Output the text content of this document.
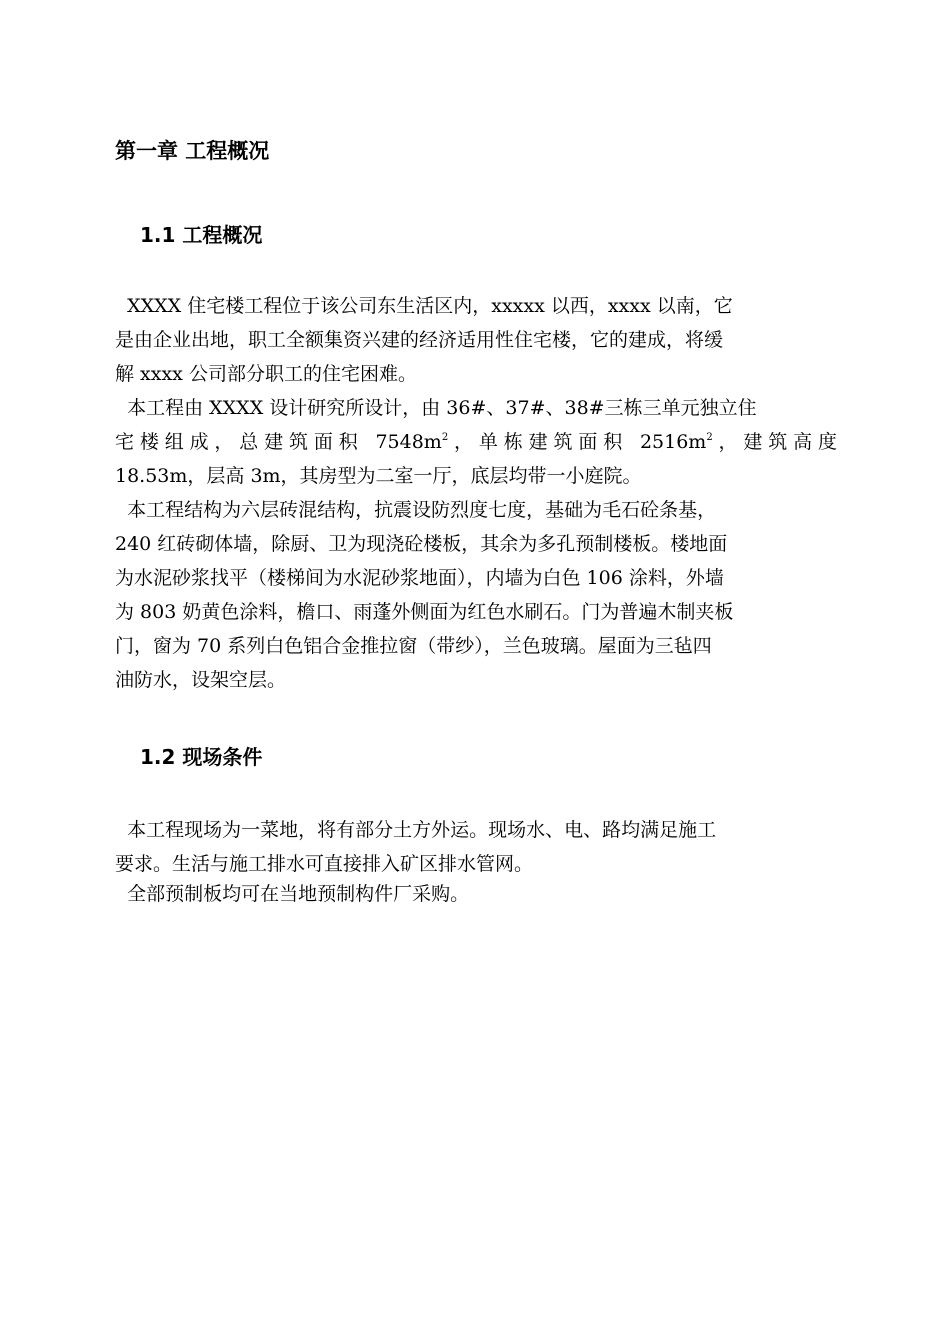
第一章 工程概况
1.1 工程概况
XXXX 住宅楼工程位于该公司东生活区内，xxxxx 以西，xxxx 以南，它
是由企业出地，职工全额集资兴建的经济适用性住宅楼，它的建成，将缓
解 xxxx 公司部分职工的住宅困难。
本工程由 XXXX 设计研究所设计，由 36#、37#、38#三栋三单元独立住
宅楼组成，总建筑面积 $7548m^2$，单栋建筑面积 $2516m^2$，建筑高度
18.53m，层高 3m，其房型为二室一厅，底层均带一小庭院。
本工程结构为六层砖混结构，抗震设防烈度七度，基础为毛石砼条基，
240 红砖砌体墙，除厨、卫为现浇砼楼板，其余为多孔预制楼板。楼地面
为水泥砂浆找平（楼梯间为水泥砂浆地面），内墙为白色 106 涂料，外墙
为 803 奶黄色涂料，檐口、雨蓬外侧面为红色水刷石。门为普遍木制夹板
门，窗为 70 系列白色铝合金推拉窗（带纱），兰色玻璃。屋面为三毡四
油防水，设架空层。
1.2 现场条件
本工程现场为一菜地，将有部分土方外运。现场水、电、路均满足施工
要求。生活与施工排水可直接排入矿区排水管网。
全部预制板均可在当地预制构件厂采购。
